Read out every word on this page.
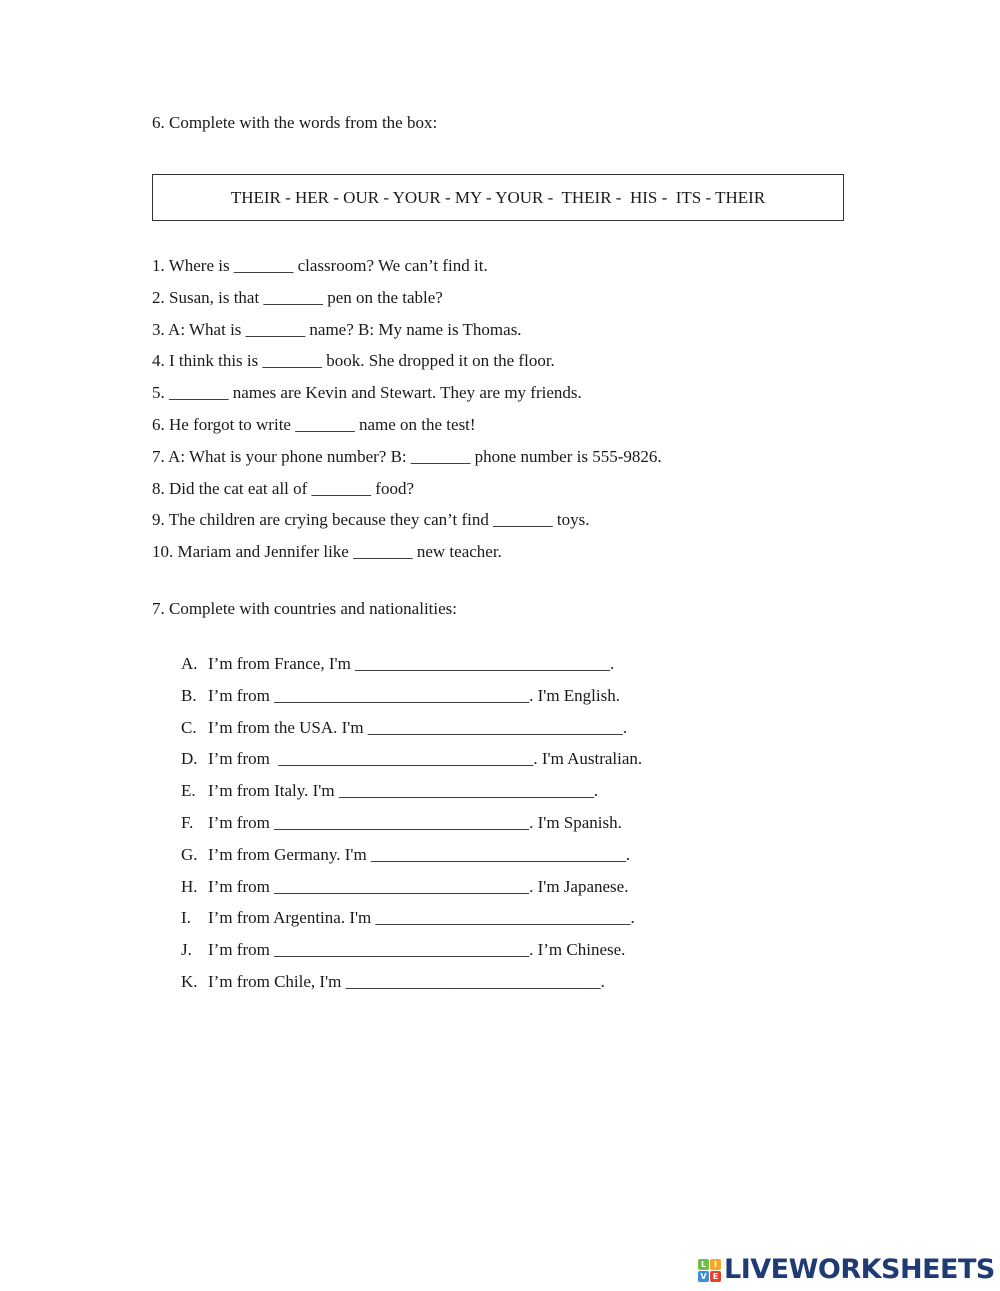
6. Complete with the words from the box:
THEIR - HER - OUR - YOUR - MY - YOUR -  THEIR -  HIS -  ITS - THEIR
1. Where is _______ classroom? We can’t find it.
2. Susan, is that _______ pen on the table?
3. A: What is _______ name? B: My name is Thomas.
4. I think this is _______ book. She dropped it on the floor.
5. _______ names are Kevin and Stewart. They are my friends.
6. He forgot to write _______ name on the test!
7. A: What is your phone number? B: _______ phone number is 555-9826.
8. Did the cat eat all of _______ food?
9. The children are crying because they can’t find _______ toys.
10. Mariam and Jennifer like _______ new teacher.
7. Complete with countries and nationalities:
A. I’m from France, I'm ______________________________.
B. I’m from ______________________________. I'm English.
C. I’m from the USA. I'm ______________________________.
D. I’m from  ______________________________. I'm Australian.
E. I’m from Italy. I'm ______________________________.
F. I’m from ______________________________. I'm Spanish.
G. I’m from Germany. I'm ______________________________.
H. I’m from ______________________________. I'm Japanese.
I.	I’m from Argentina. I'm ______________________________.
J. I’m from ______________________________. I’m Chinese.
K. I’m from Chile, I'm ______________________________.
L I
V E LIVEWORKSHEETS
